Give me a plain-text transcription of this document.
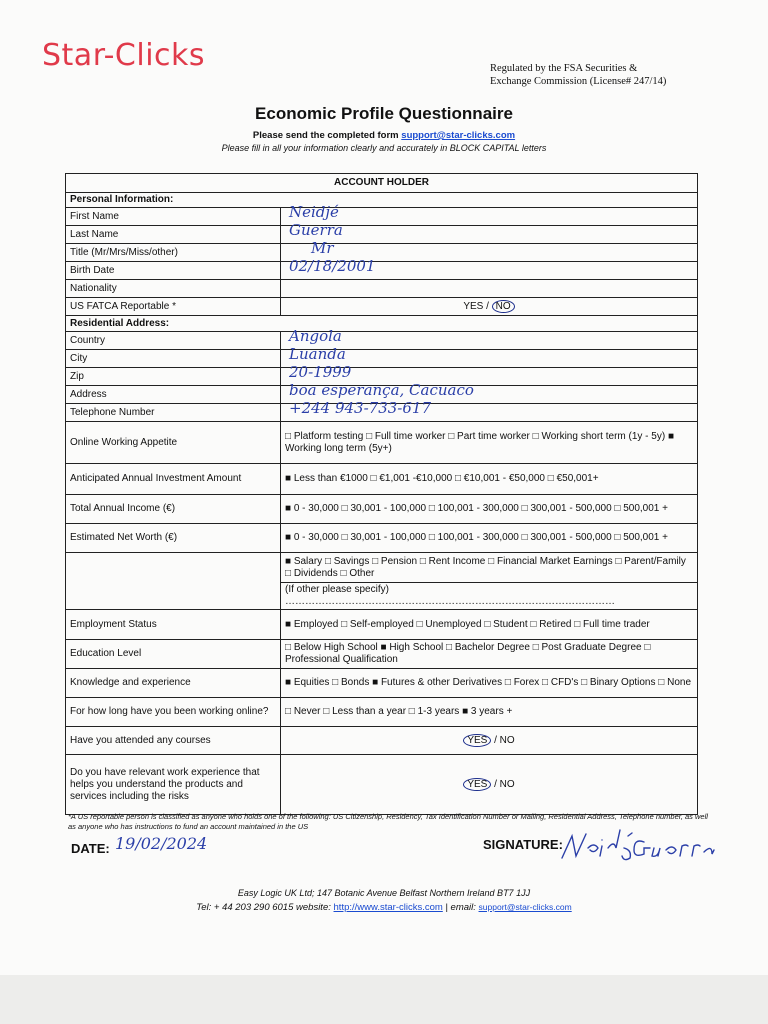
Star-Clicks	Regulated by the FSA Securities &
Exchange Commission (License# 247/14)
Economic Profile Questionnaire
Please send the completed form support@star-clicks.com
Please fill in all your information clearly and accurately in BLOCK CAPITAL letters
ACCOUNT HOLDER	
Personal Information:	
First Name	Neidjé

Last Name	Guerra

Title (Mr/Mrs/Miss/other)	Mr

Birth Date	02/18/2001

Nationality	

US FATCA Reportable *	YES / NO
Residential Address:	
Country	Angola

City	Luanda

Zip	20-1999

Address	boa esperança, Cacuaco

Telephone Number	+244 943-733-617

Online Working Appetite	□ Platform testing □ Full time worker □ Part time worker □ Working short term (1y - 5y) ■ Working long term (5y+)
Anticipated Annual Investment Amount	■ Less than €1000 □ €1,001 -€10,000 □ €10,001 - €50,000 □ €50,001+
Total Annual Income (€)	■ 0 - 30,000 □ 30,001 - 100,000 □ 100,001 - 300,000 □ 300,001 - 500,000 □ 500,001 +
Estimated Net Worth (€)	■ 0 - 30,000 □ 30,001 - 100,000 □ 100,001 - 300,000 □ 300,001 - 500,000 □ 500,001 +
	■ Salary □ Savings □ Pension □ Rent Income □ Financial Market Earnings □ Parent/Family □ Dividends □ Other
	(If other please specify) ………………………………………………………………………………………
Employment Status	■ Employed □ Self-employed □ Unemployed □ Student □ Retired □ Full time trader
Education Level	□ Below High School ■ High School □ Bachelor Degree □ Post Graduate Degree □ Professional Qualification
Knowledge and experience	■ Equities □ Bonds ■ Futures & other Derivatives □ Forex □ CFD's □ Binary Options □ None
For how long have you been working online?	□ Never □ Less than a year □ 1-3 years ■ 3 years +
Have you attended any courses	YES / NO
Do you have relevant work experience that helps you understand the products and services including the risks	YES / NO
*A US reportable person is classified as anyone who holds one of the following: US Citizenship, Residency, Tax Identification Number or Mailing, Residential Address, Telephone number, as well as anyone who has instructions to fund an account maintained in the US
DATE: 19/02/2024	SIGNATURE:
Easy Logic UK Ltd; 147 Botanic Avenue Belfast Northern Ireland BT7 1JJ
Tel: + 44 203 290 6015 website: http://www.star-clicks.com | email: support@star-clicks.com
